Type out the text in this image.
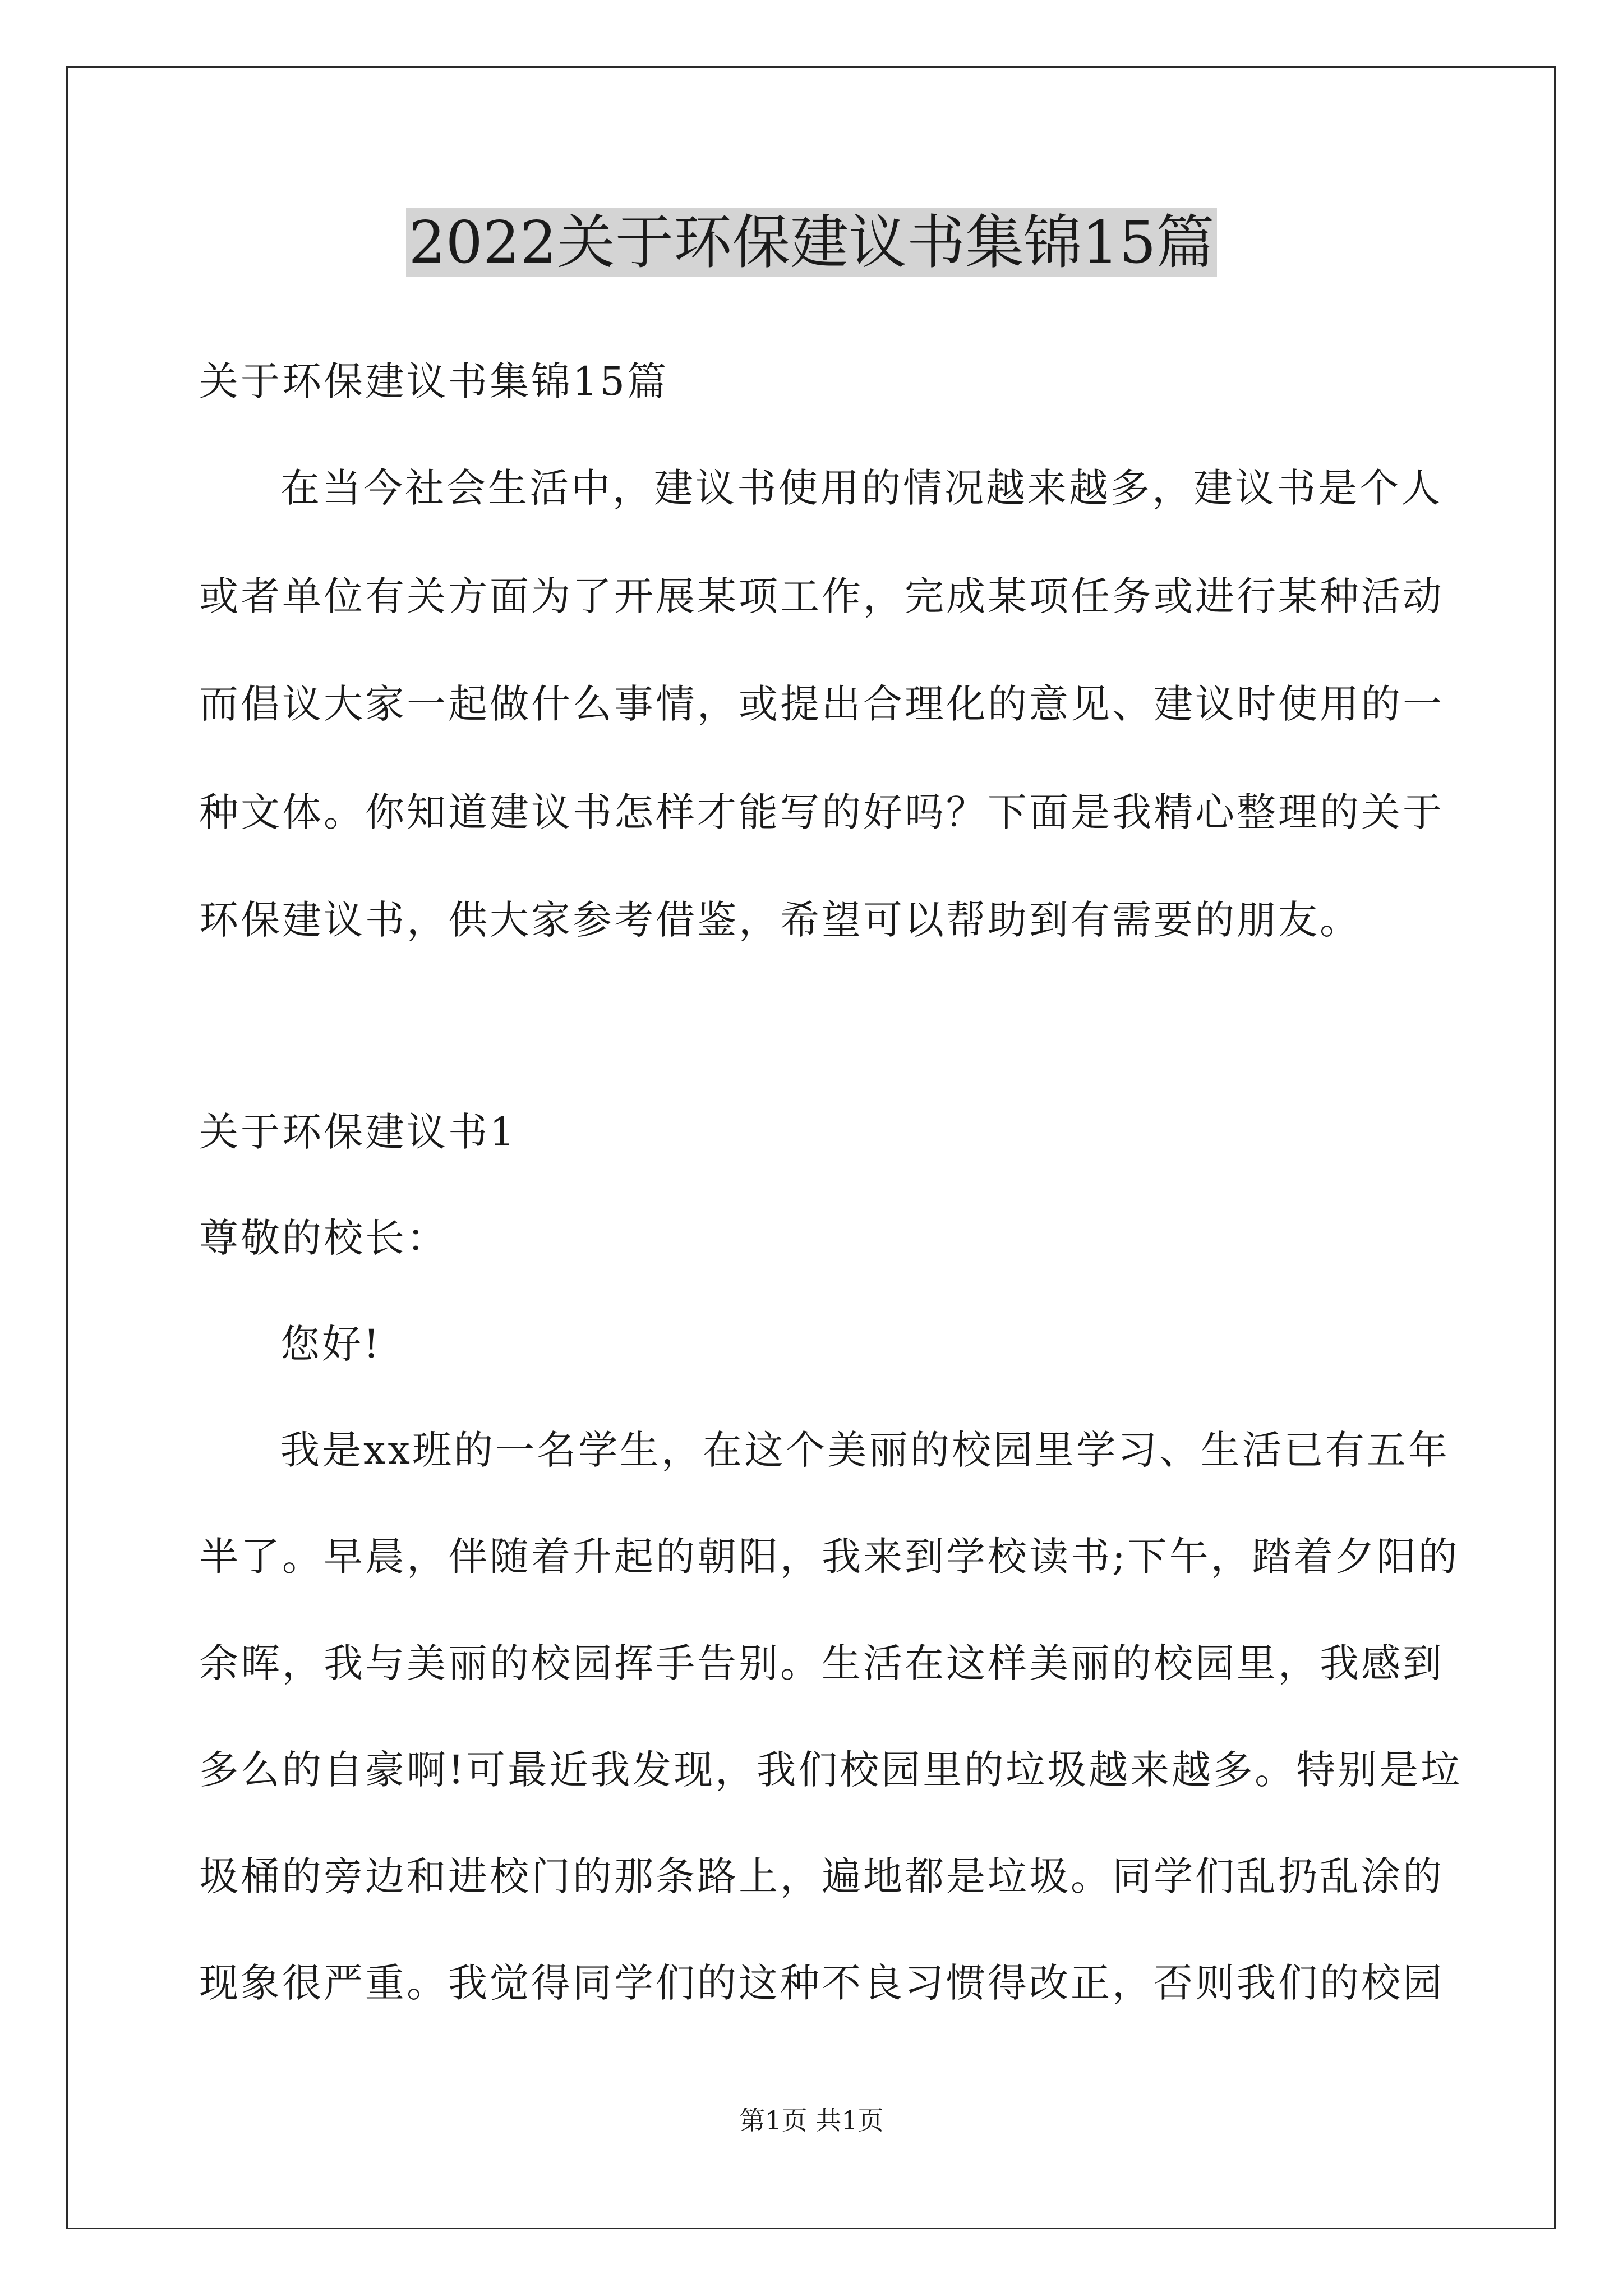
2022关于环保建议书集锦15篇
关于环保建议书集锦15篇
在当今社会生活中，建议书使用的情况越来越多，建议书是个人
或者单位有关方面为了开展某项工作，完成某项任务或进行某种活动
而倡议大家一起做什么事情，或提出合理化的意见、建议时使用的一
种文体。你知道建议书怎样才能写的好吗？下面是我精心整理的关于
环保建议书，供大家参考借鉴，希望可以帮助到有需要的朋友。
关于环保建议书1
尊敬的校长：
您好!
我是xx班的一名学生，在这个美丽的校园里学习、生活已有五年
半了。早晨，伴随着升起的朝阳，我来到学校读书;下午，踏着夕阳的
余晖，我与美丽的校园挥手告别。生活在这样美丽的校园里，我感到
多么的自豪啊!可最近我发现，我们校园里的垃圾越来越多。特别是垃
圾桶的旁边和进校门的那条路上，遍地都是垃圾。同学们乱扔乱涂的
现象很严重。我觉得同学们的这种不良习惯得改正，否则我们的校园
第1页 共1页
